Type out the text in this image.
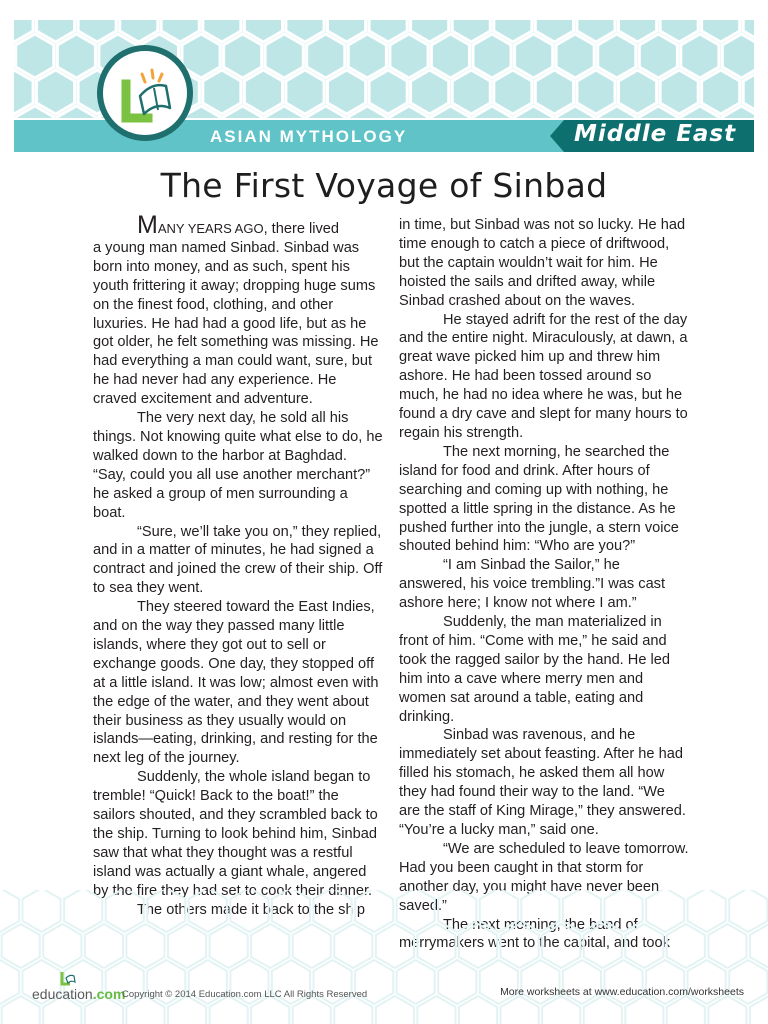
ASIAN MYTHOLOGY	Middle East
The First Voyage of Sinbad

MANY YEARS AGO, there lived

a young man named Sinbad. Sinbad was born into money, and as such, spent his youth frittering it away; dropping huge sums on the finest food, clothing, and other luxuries. He had had a good life, but as he got older, he felt something was missing. He had everything a man could want, sure, but he had never had any experience. He craved excitement and adventure.

The very next day, he sold all his things. Not knowing quite what else to do, he walked down to the harbor at Baghdad. “Say, could you all use another merchant?” he asked a group of men surrounding a boat.

“Sure, we’ll take you on,” they replied, and in a matter of minutes, he had signed a contract and joined the crew of their ship. Off to sea they went.

They steered toward the East Indies, and on the way they passed many little islands, where they got out to sell or exchange goods. One day, they stopped off at a little island. It was low; almost even with the edge of the water, and they went about their business as they usually would on islands—eating, drinking, and resting for the next leg of the journey.

Suddenly, the whole island began to tremble! “Quick! Back to the boat!” the sailors shouted, and they scrambled back to the ship. Turning to look behind him, Sinbad saw that what they thought was a restful island was actually a giant whale, angered by the fire they had set to cook their dinner.

The others made it back to the ship

in time, but Sinbad was not so lucky. He had time enough to catch a piece of driftwood, but the captain wouldn’t wait for him. He hoisted the sails and drifted away, while Sinbad crashed about on the waves.

He stayed adrift for the rest of the day and the entire night. Miraculously, at dawn, a great wave picked him up and threw him ashore. He had been tossed around so much, he had no idea where he was, but he found a dry cave and slept for many hours to regain his strength.

The next morning, he searched the island for food and drink. After hours of searching and coming up with nothing, he spotted a little spring in the distance. As he pushed further into the jungle, a stern voice shouted behind him: “Who are you?”

“I am Sinbad the Sailor,” he answered, his voice trembling.”I was cast ashore here; I know not where I am.”

Suddenly, the man materialized in front of him. “Come with me,” he said and took the ragged sailor by the hand. He led him into a cave where merry men and women sat around a table, eating and drinking.

Sinbad was ravenous, and he immediately set about feasting. After he had filled his stomach, he asked them all how they had found their way to the land. “We are the staff of King Mirage,” they answered. “You’re a lucky man,” said one.

“We are scheduled to leave tomorrow. Had you been caught in that storm for another day, you might have never been saved.”

The next morning, the band of merrymakers went to the capital, and took

education.com
Copyright © 2014 Education.com LLC All Rights Reserved	More worksheets at www.education.com/worksheets
